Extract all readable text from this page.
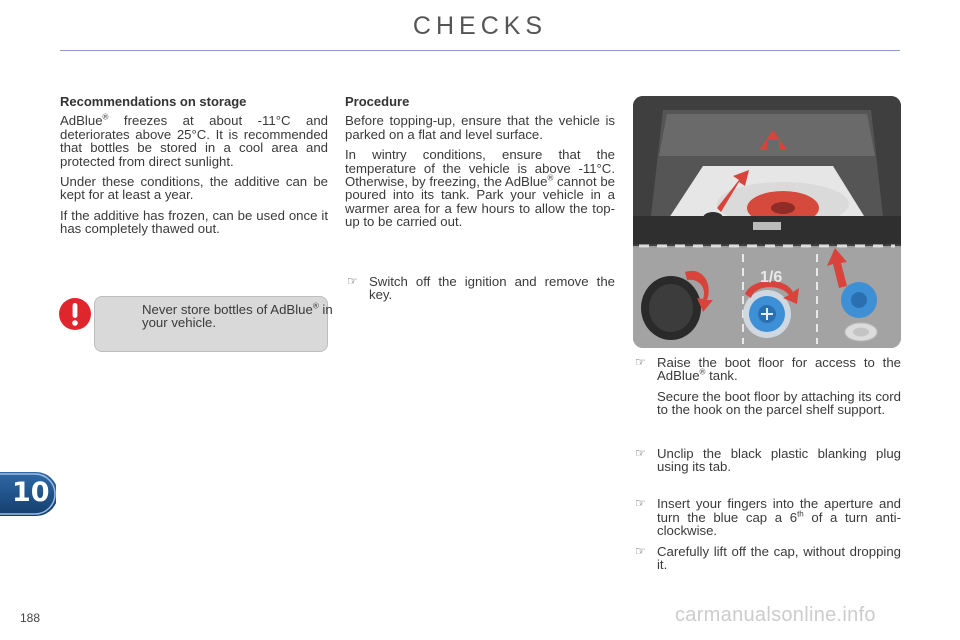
CHECKS
Recommendations on storage

AdBlue® freezes at about -11°C and deteriorates above 25°C. It is recommended that bottles be stored in a cool area and protected from direct sunlight.

Under these conditions, the additive can be kept for at least a year.

If the additive has frozen, can be used once it has completely thawed out.

Never store bottles of AdBlue® in your vehicle.
Procedure

Before topping-up, ensure that the vehicle is parked on a flat and level surface.

In wintry conditions, ensure that the temperature of the vehicle is above -11°C. Otherwise, by freezing, the AdBlue® cannot be poured into its tank. Park your vehicle in a warmer area for a few hours to allow the top-up to be carried out.

☞ Switch off the ignition and remove the key.
1/6
☞ Raise the boot floor for access to the AdBlue® tank.

Secure the boot floor by attaching its cord to the hook on the parcel shelf support.

☞ Unclip the black plastic blanking plug using its tab.
☞ Insert your fingers into the aperture and turn the blue cap a 6th of a turn anti-clockwise.
☞ Carefully lift off the cap, without dropping it.
10
188	carmanualsonline.info
